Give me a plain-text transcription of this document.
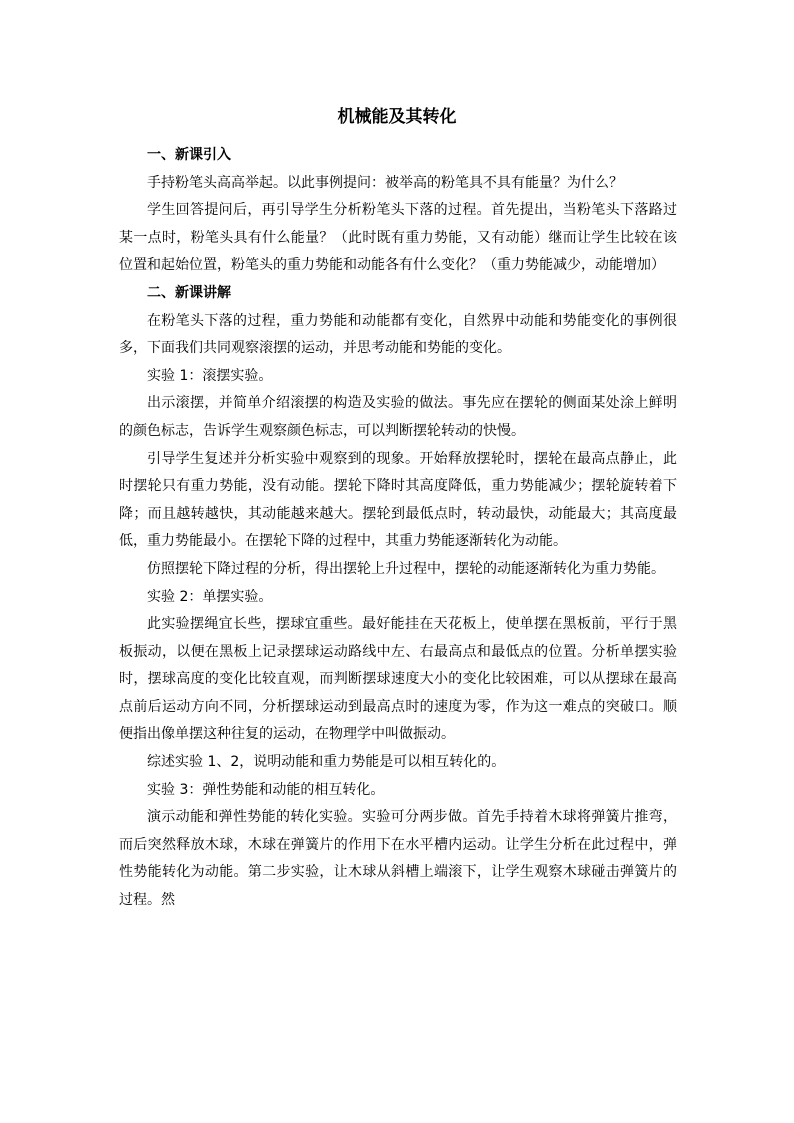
机械能及其转化

一、新课引入

手持粉笔头高高举起。以此事例提问：被举高的粉笔具不具有能量？为什么？

学生回答提问后，再引导学生分析粉笔头下落的过程。首先提出，当粉笔头下落路过某一点时，粉笔头具有什么能量？（此时既有重力势能，又有动能）继而让学生比较在该位置和起始位置，粉笔头的重力势能和动能各有什么变化？（重力势能减少，动能增加）

二、新课讲解

在粉笔头下落的过程，重力势能和动能都有变化，自然界中动能和势能变化的事例很多，下面我们共同观察滚摆的运动，并思考动能和势能的变化。

实验 1：滚摆实验。

出示滚摆，并简单介绍滚摆的构造及实验的做法。事先应在摆轮的侧面某处涂上鲜明的颜色标志，告诉学生观察颜色标志，可以判断摆轮转动的快慢。

引导学生复述并分析实验中观察到的现象。开始释放摆轮时，摆轮在最高点静止，此时摆轮只有重力势能，没有动能。摆轮下降时其高度降低，重力势能减少；摆轮旋转着下降；而且越转越快，其动能越来越大。摆轮到最低点时，转动最快，动能最大；其高度最低，重力势能最小。在摆轮下降的过程中，其重力势能逐渐转化为动能。

仿照摆轮下降过程的分析，得出摆轮上升过程中，摆轮的动能逐渐转化为重力势能。

实验 2：单摆实验。

此实验摆绳宜长些，摆球宜重些。最好能挂在天花板上，使单摆在黑板前，平行于黑板振动，以便在黑板上记录摆球运动路线中左、右最高点和最低点的位置。分析单摆实验时，摆球高度的变化比较直观，而判断摆球速度大小的变化比较困难，可以从摆球在最高点前后运动方向不同，分析摆球运动到最高点时的速度为零，作为这一难点的突破口。顺便指出像单摆这种往复的运动，在物理学中叫做振动。

综述实验 1、2，说明动能和重力势能是可以相互转化的。

实验 3：弹性势能和动能的相互转化。

演示动能和弹性势能的转化实验。实验可分两步做。首先手持着木球将弹簧片推弯，而后突然释放木球，木球在弹簧片的作用下在水平槽内运动。让学生分析在此过程中，弹性势能转化为动能。第二步实验，让木球从斜槽上端滚下，让学生观察木球碰击弹簧片的过程。然
